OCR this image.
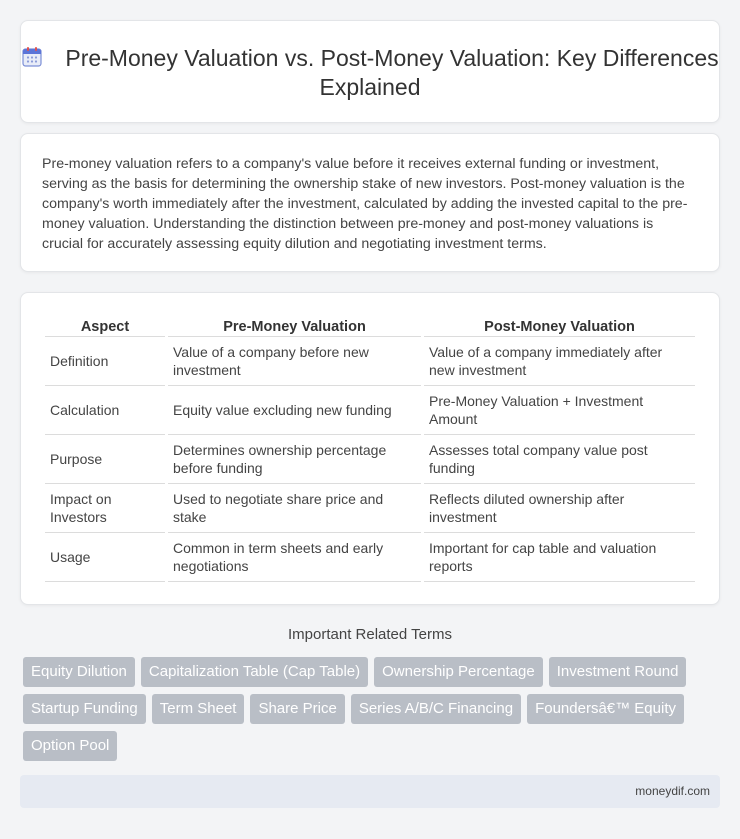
Pre-Money Valuation vs. Post-Money Valuation: Key Differences Explained

Pre-money valuation refers to a company's value before it receives external funding or investment, serving as the basis for determining the ownership stake of new investors. Post-money valuation is the company's worth immediately after the investment, calculated by adding the invested capital to the pre-money valuation. Understanding the distinction between pre-money and post-money valuations is crucial for accurately assessing equity dilution and negotiating investment terms.

Aspect	Pre-Money Valuation	Post-Money Valuation
Definition	Value of a company before new investment	Value of a company immediately after new investment
Calculation	Equity value excluding new funding	Pre-Money Valuation + Investment Amount
Purpose	Determines ownership percentage before funding	Assesses total company value post funding
Impact on Investors	Used to negotiate share price and stake	Reflects diluted ownership after investment
Usage	Common in term sheets and early negotiations	Important for cap table and valuation reports
Important Related Terms
Equity Dilution	Capitalization Table (Cap Table)	Ownership Percentage	Investment Round
Startup Funding	Term Sheet	Share Price	Series A/B/C Financing	Foundersâ€™ Equity
Option Pool
moneydif.com
